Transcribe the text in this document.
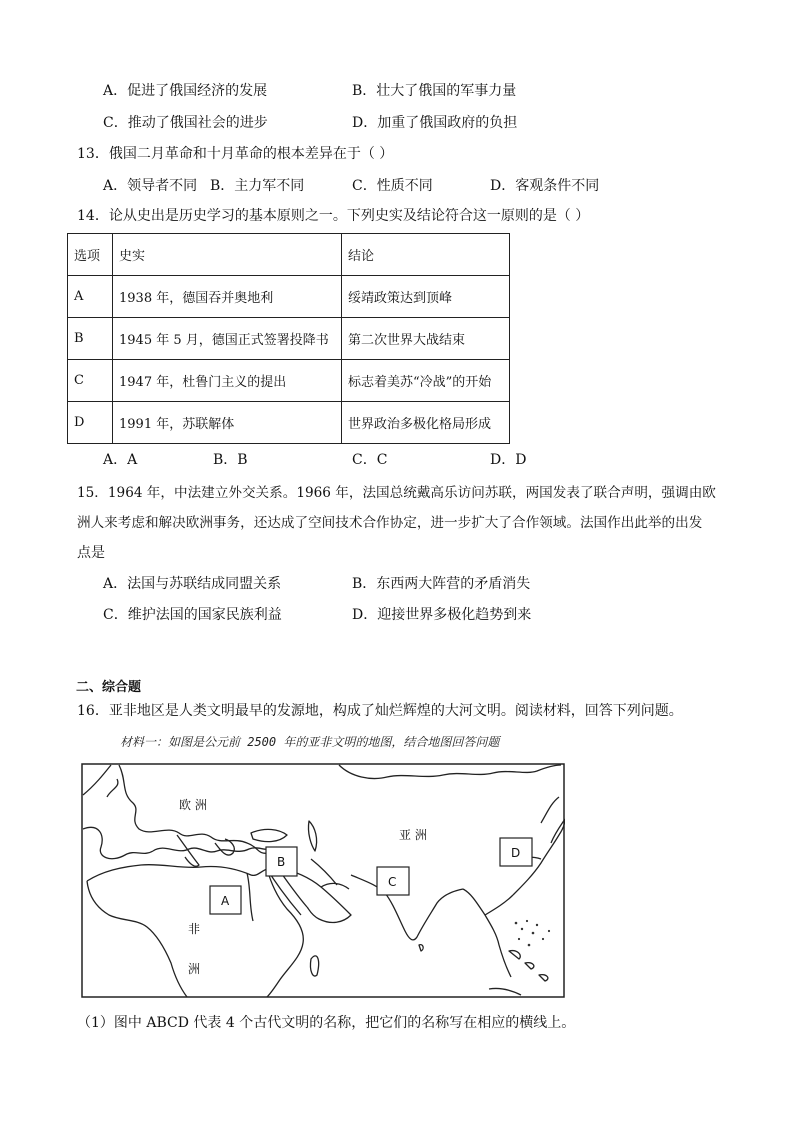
A．促进了俄国经济的发展	B．壮大了俄国的军事力量
C．推动了俄国社会的进步	D．加重了俄国政府的负担
13．俄国二月革命和十月革命的根本差异在于（ ）
A．领导者不同 B．主力军不同	C．性质不同	D．客观条件不同
14．论从史出是历史学习的基本原则之一。下列史实及结论符合这一原则的是（ ）
选项	史实	结论
A	1938 年，德国吞并奥地利	绥靖政策达到顶峰
B	1945 年 5 月，德国正式签署投降书	第二次世界大战结束
C	1947 年，杜鲁门主义的提出	标志着美苏“冷战”的开始
D	1991 年，苏联解体	世界政治多极化格局形成
A．A	B．B	C．C	D．D
15．1964 年，中法建立外交关系。1966 年，法国总统戴高乐访问苏联，两国发表了联合声明，强调由欧
洲人来考虑和解决欧洲事务，还达成了空间技术合作协定，进一步扩大了合作领域。法国作出此举的出发
点是
A．法国与苏联结成同盟关系	B．东西两大阵营的矛盾消失
C．维护法国的国家民族利益	D．迎接世界多极化趋势到来
二、综合题
16．亚非地区是人类文明最早的发源地，构成了灿烂辉煌的大河文明。阅读材料，回答下列问题。
材料一：如图是公元前 2500 年的亚非文明的地图，结合地图回答问题
欧 洲
亚 洲
非
洲
A
B
C
D
（1）图中 ABCD 代表 4 个古代文明的名称，把它们的名称写在相应的横线上。
